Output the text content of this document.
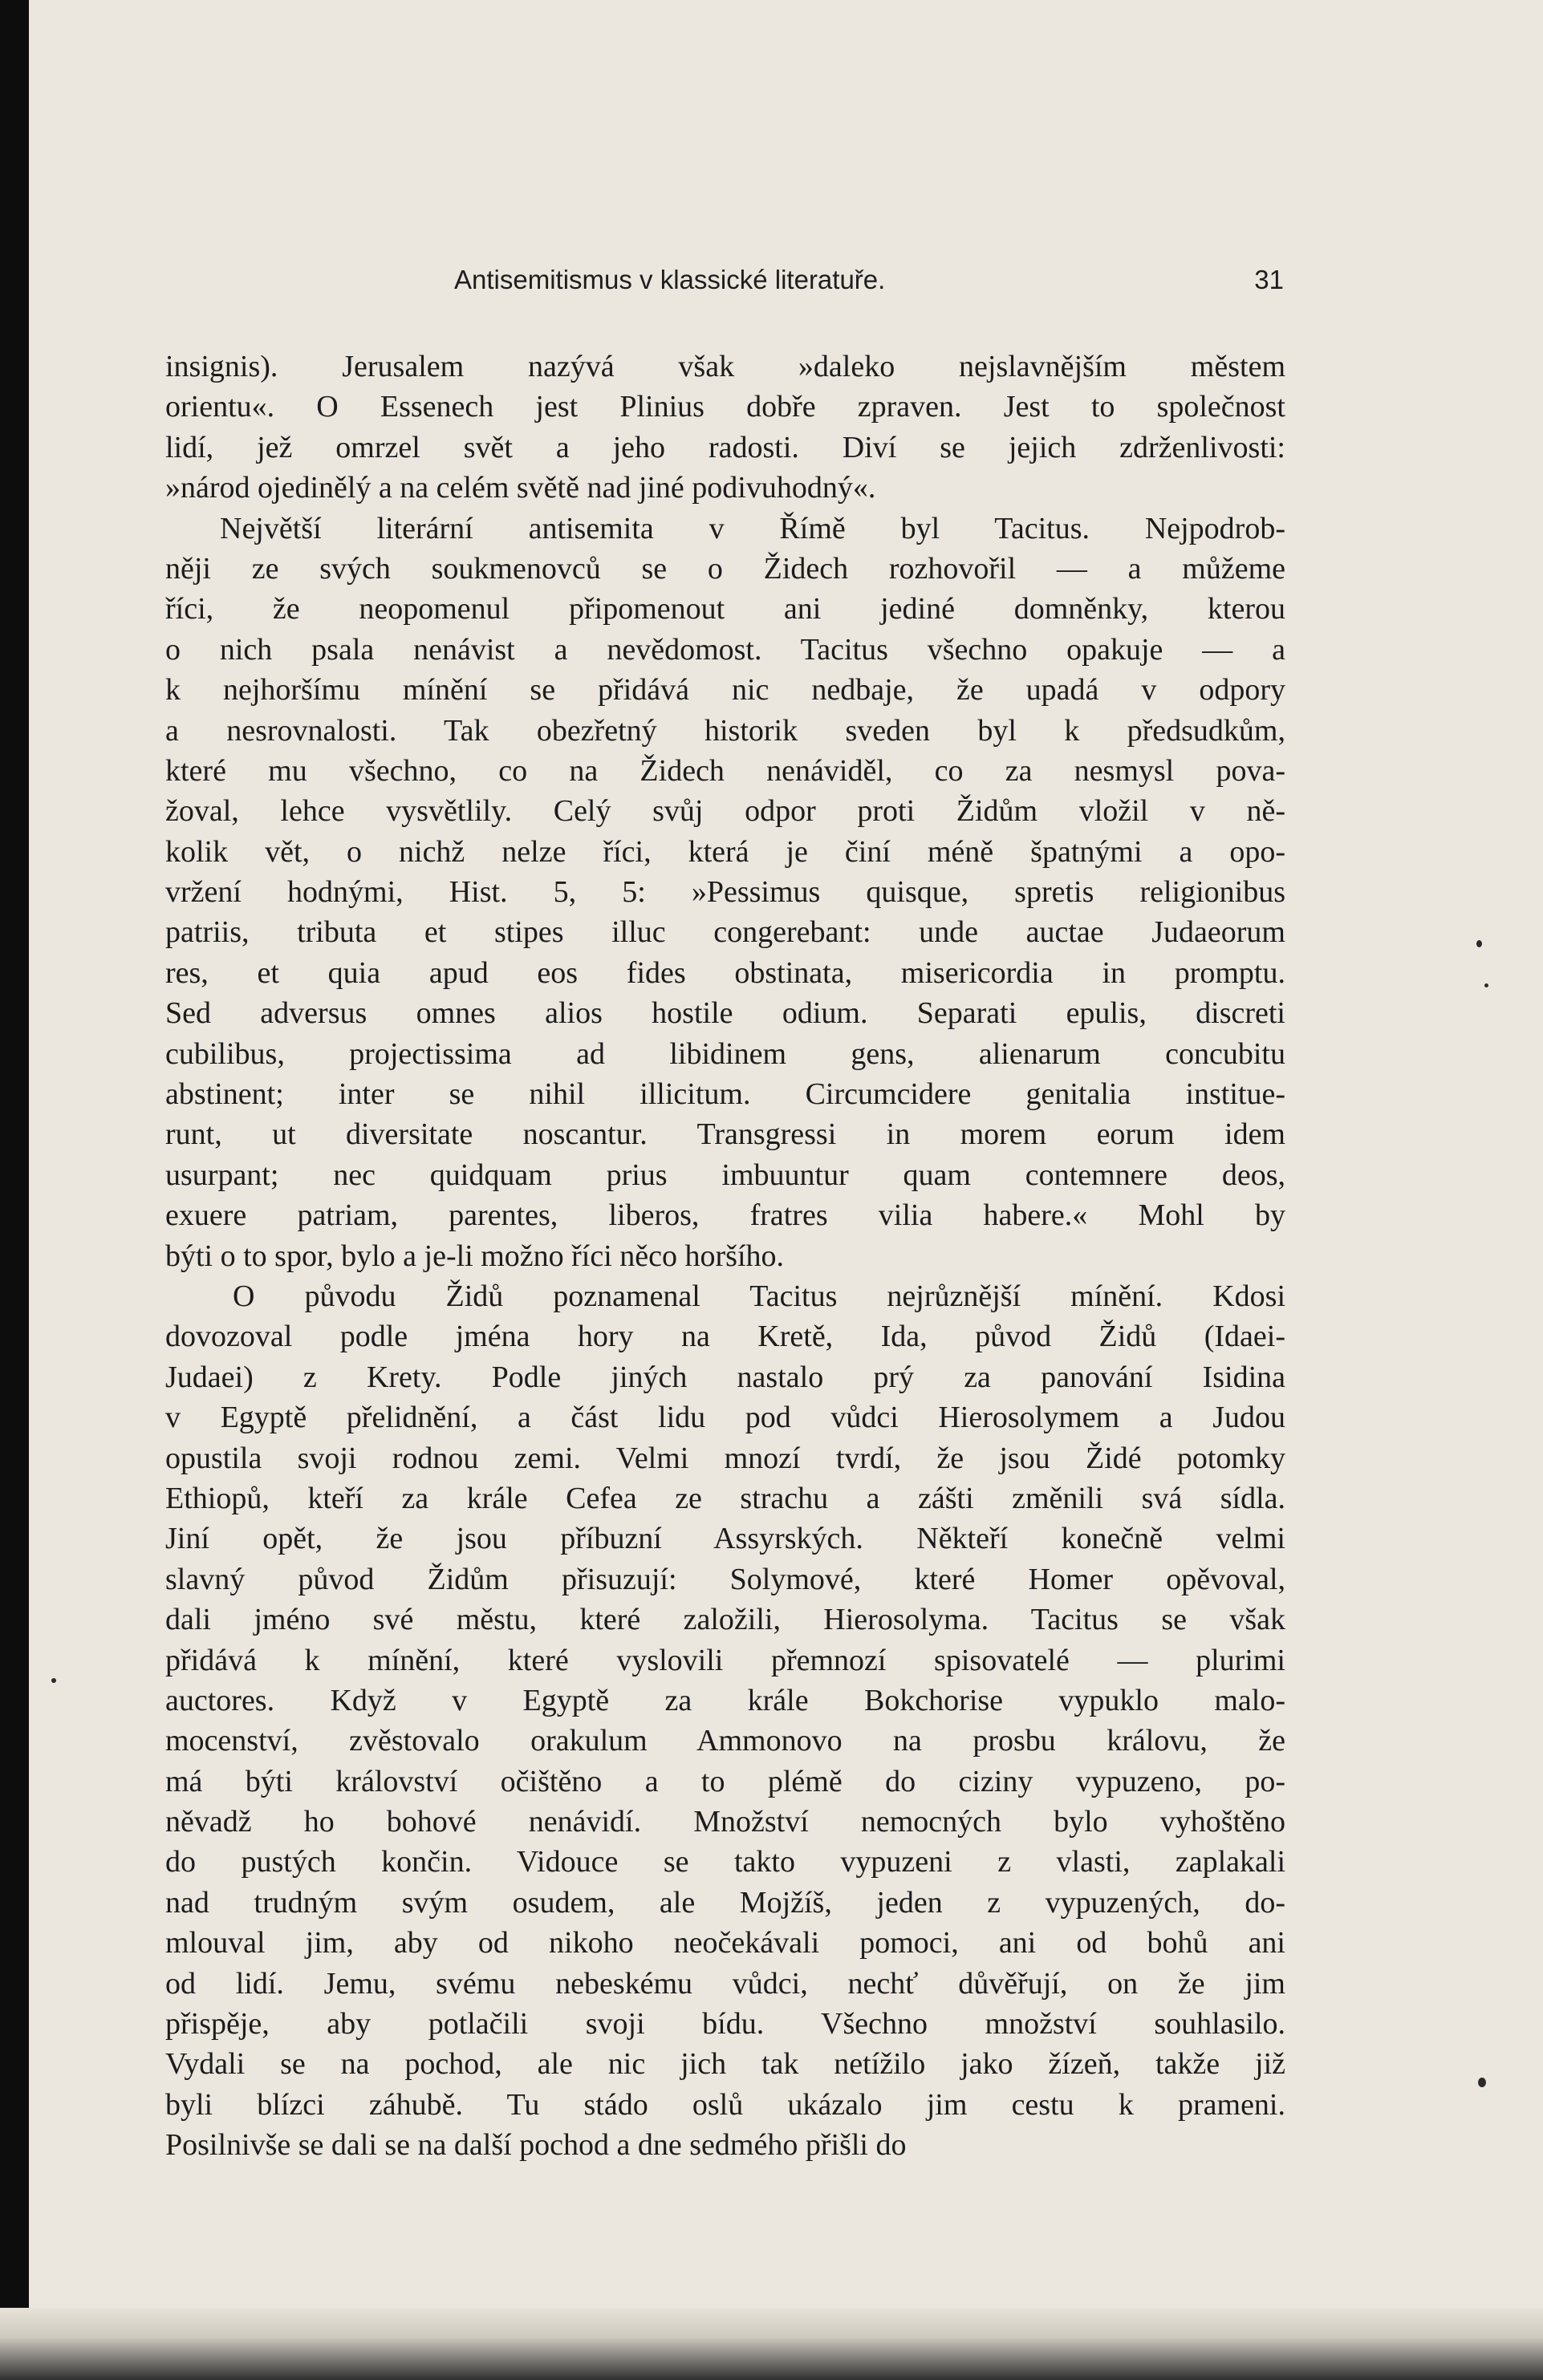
Antisemitismus v klassické literatuře.	31
insignis). Jerusalem nazývá však »daleko nejslavnějším městem
orientu«. O Essenech jest Plinius dobře zpraven. Jest to společnost
lidí, jež omrzel svět a jeho radosti. Diví se jejich zdrženlivosti:
»národ ojedinělý a na celém světě nad jiné podivuhodný«.
Největší literární antisemita v Římě byl Tacitus. Nejpodrob-
něji ze svých soukmenovců se o Židech rozhovořil — a můžeme
říci, že neopomenul připomenout ani jediné domněnky, kterou
o nich psala nenávist a nevědomost. Tacitus všechno opakuje — a
k nejhoršímu mínění se přidává nic nedbaje, že upadá v odpory
a nesrovnalosti. Tak obezřetný historik sveden byl k předsudkům,
které mu všechno, co na Židech nenáviděl, co za nesmysl pova-
žoval, lehce vysvětlily. Celý svůj odpor proti Židům vložil v ně-
kolik vět, o nichž nelze říci, která je činí méně špatnými a opo-
vržení hodnými, Hist. 5, 5: »Pessimus quisque, spretis religionibus
patriis, tributa et stipes illuc congerebant: unde auctae Judaeorum
res, et quia apud eos fides obstinata, misericordia in promptu.
Sed adversus omnes alios hostile odium. Separati epulis, discreti
cubilibus, projectissima ad libidinem gens, alienarum concubitu
abstinent; inter se nihil illicitum. Circumcidere genitalia institue-
runt, ut diversitate noscantur. Transgressi in morem eorum idem
usurpant; nec quidquam prius imbuuntur quam contemnere deos,
exuere patriam, parentes, liberos, fratres vilia habere.« Mohl by
býti o to spor, bylo a je-li možno říci něco horšího.
O původu Židů poznamenal Tacitus nejrůznější mínění. Kdosi
dovozoval podle jména hory na Kretě, Ida, původ Židů (Idaei-
Judaei) z Krety. Podle jiných nastalo prý za panování Isidina
v Egyptě přelidnění, a část lidu pod vůdci Hierosolymem a Judou
opustila svoji rodnou zemi. Velmi mnozí tvrdí, že jsou Židé potomky
Ethiopů, kteří za krále Cefea ze strachu a zášti změnili svá sídla.
Jiní opět, že jsou příbuzní Assyrských. Někteří konečně velmi
slavný původ Židům přisuzují: Solymové, které Homer opěvoval,
dali jméno své městu, které založili, Hierosolyma. Tacitus se však
přidává k mínění, které vyslovili přemnozí spisovatelé — plurimi
auctores. Když v Egyptě za krále Bokchorise vypuklo malo-
mocenství, zvěstovalo orakulum Ammonovo na prosbu královu, že
má býti království očištěno a to plémě do ciziny vypuzeno, po-
něvadž ho bohové nenávidí. Množství nemocných bylo vyhoštěno
do pustých končin. Vidouce se takto vypuzeni z vlasti, zaplakali
nad trudným svým osudem, ale Mojžíš, jeden z vypuzených, do-
mlouval jim, aby od nikoho neočekávali pomoci, ani od bohů ani
od lidí. Jemu, svému nebeskému vůdci, nechť důvěřují, on že jim
přispěje, aby potlačili svoji bídu. Všechno množství souhlasilo.
Vydali se na pochod, ale nic jich tak netížilo jako žízeň, takže již
byli blízci záhubě. Tu stádo oslů ukázalo jim cestu k prameni.
Posilnivše se dali se na další pochod a dne sedmého přišli do
